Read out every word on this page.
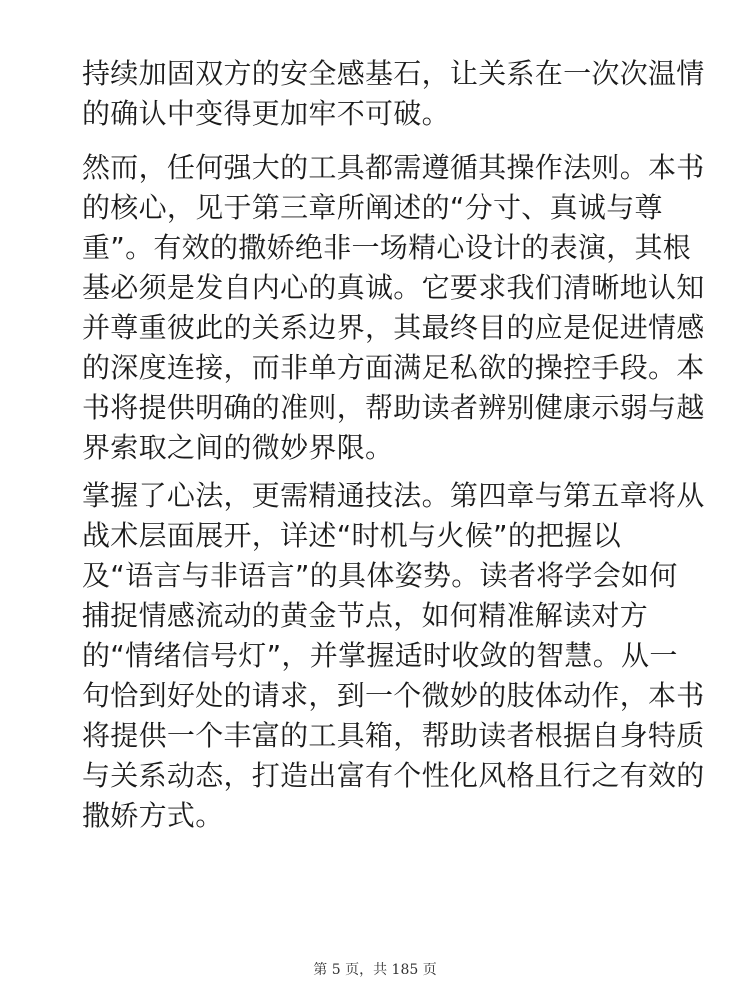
持续加固双方的安全感基石，让关系在一次次温情
的确认中变得更加牢不可破。
然而，任何强大的工具都需遵循其操作法则。本书
的核心，见于第三章所阐述的“分寸、真诚与尊
重”。有效的撒娇绝非一场精心设计的表演，其根
基必须是发自内心的真诚。它要求我们清晰地认知
并尊重彼此的关系边界，其最终目的应是促进情感
的深度连接，而非单方面满足私欲的操控手段。本
书将提供明确的准则，帮助读者辨别健康示弱与越
界索取之间的微妙界限。
掌握了心法，更需精通技法。第四章与第五章将从
战术层面展开，详述“时机与火候”的把握以
及“语言与非语言”的具体姿势。读者将学会如何
捕捉情感流动的黄金节点，如何精准解读对方
的“情绪信号灯”，并掌握适时收敛的智慧。从一
句恰到好处的请求，到一个微妙的肢体动作，本书
将提供一个丰富的工具箱，帮助读者根据自身特质
与关系动态，打造出富有个性化风格且行之有效的
撒娇方式。
第 5 页，共 185 页
